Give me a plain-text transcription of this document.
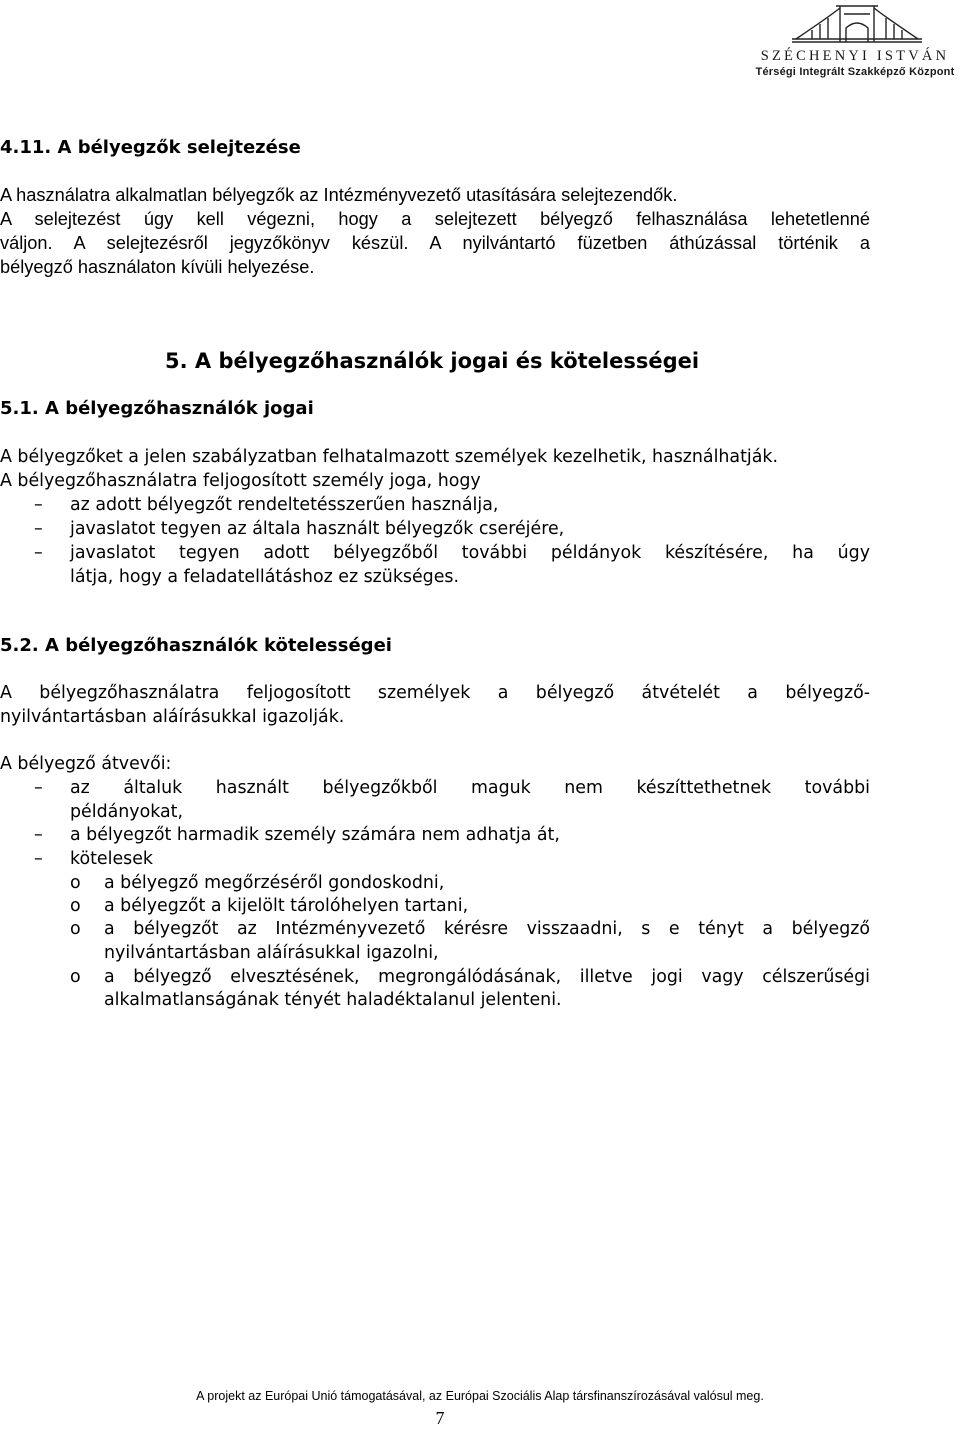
SZÉCHENYI ISTVÁN
Térségi Integrált Szakképző Központ
4.11. A bélyegzők selejtezése
A használatra alkalmatlan bélyegzők az Intézményvezető utasítására selejtezendők.
A selejtezést úgy kell végezni, hogy a selejtezett bélyegző felhasználása lehetetlenné
váljon. A selejtezésről jegyzőkönyv készül. A nyilvántartó füzetben áthúzással történik a
bélyegző használaton kívüli helyezése.
5. A bélyegzőhasználók jogai és kötelességei
5.1. A bélyegzőhasználók jogai
A bélyegzőket a jelen szabályzatban felhatalmazott személyek kezelhetik, használhatják.
A bélyegzőhasználatra feljogosított személy joga, hogy
– az adott bélyegzőt rendeltetésszerűen használja,
– javaslatot tegyen az általa használt bélyegzők cseréjére,
– javaslatot tegyen adott bélyegzőből további példányok készítésére, ha úgy
látja, hogy a feladatellátáshoz ez szükséges.
5.2. A bélyegzőhasználók kötelességei
A bélyegzőhasználatra feljogosított személyek a bélyegző átvételét a bélyegző-
nyilvántartásban aláírásukkal igazolják.
A bélyegző átvevői:
– az általuk használt bélyegzőkből maguk nem készíttethetnek további
példányokat,
– a bélyegzőt harmadik személy számára nem adhatja át,
– kötelesek
o a bélyegző megőrzéséről gondoskodni,
o a bélyegzőt a kijelölt tárolóhelyen tartani,
o a bélyegzőt az Intézményvezető kérésre visszaadni, s e tényt a bélyegző
nyilvántartásban aláírásukkal igazolni,
o a bélyegző elvesztésének, megrongálódásának, illetve jogi vagy célszerűségi
alkalmatlanságának tényét haladéktalanul jelenteni.
A projekt az Európai Unió támogatásával, az Európai Szociális Alap társfinanszírozásával valósul meg.
7
